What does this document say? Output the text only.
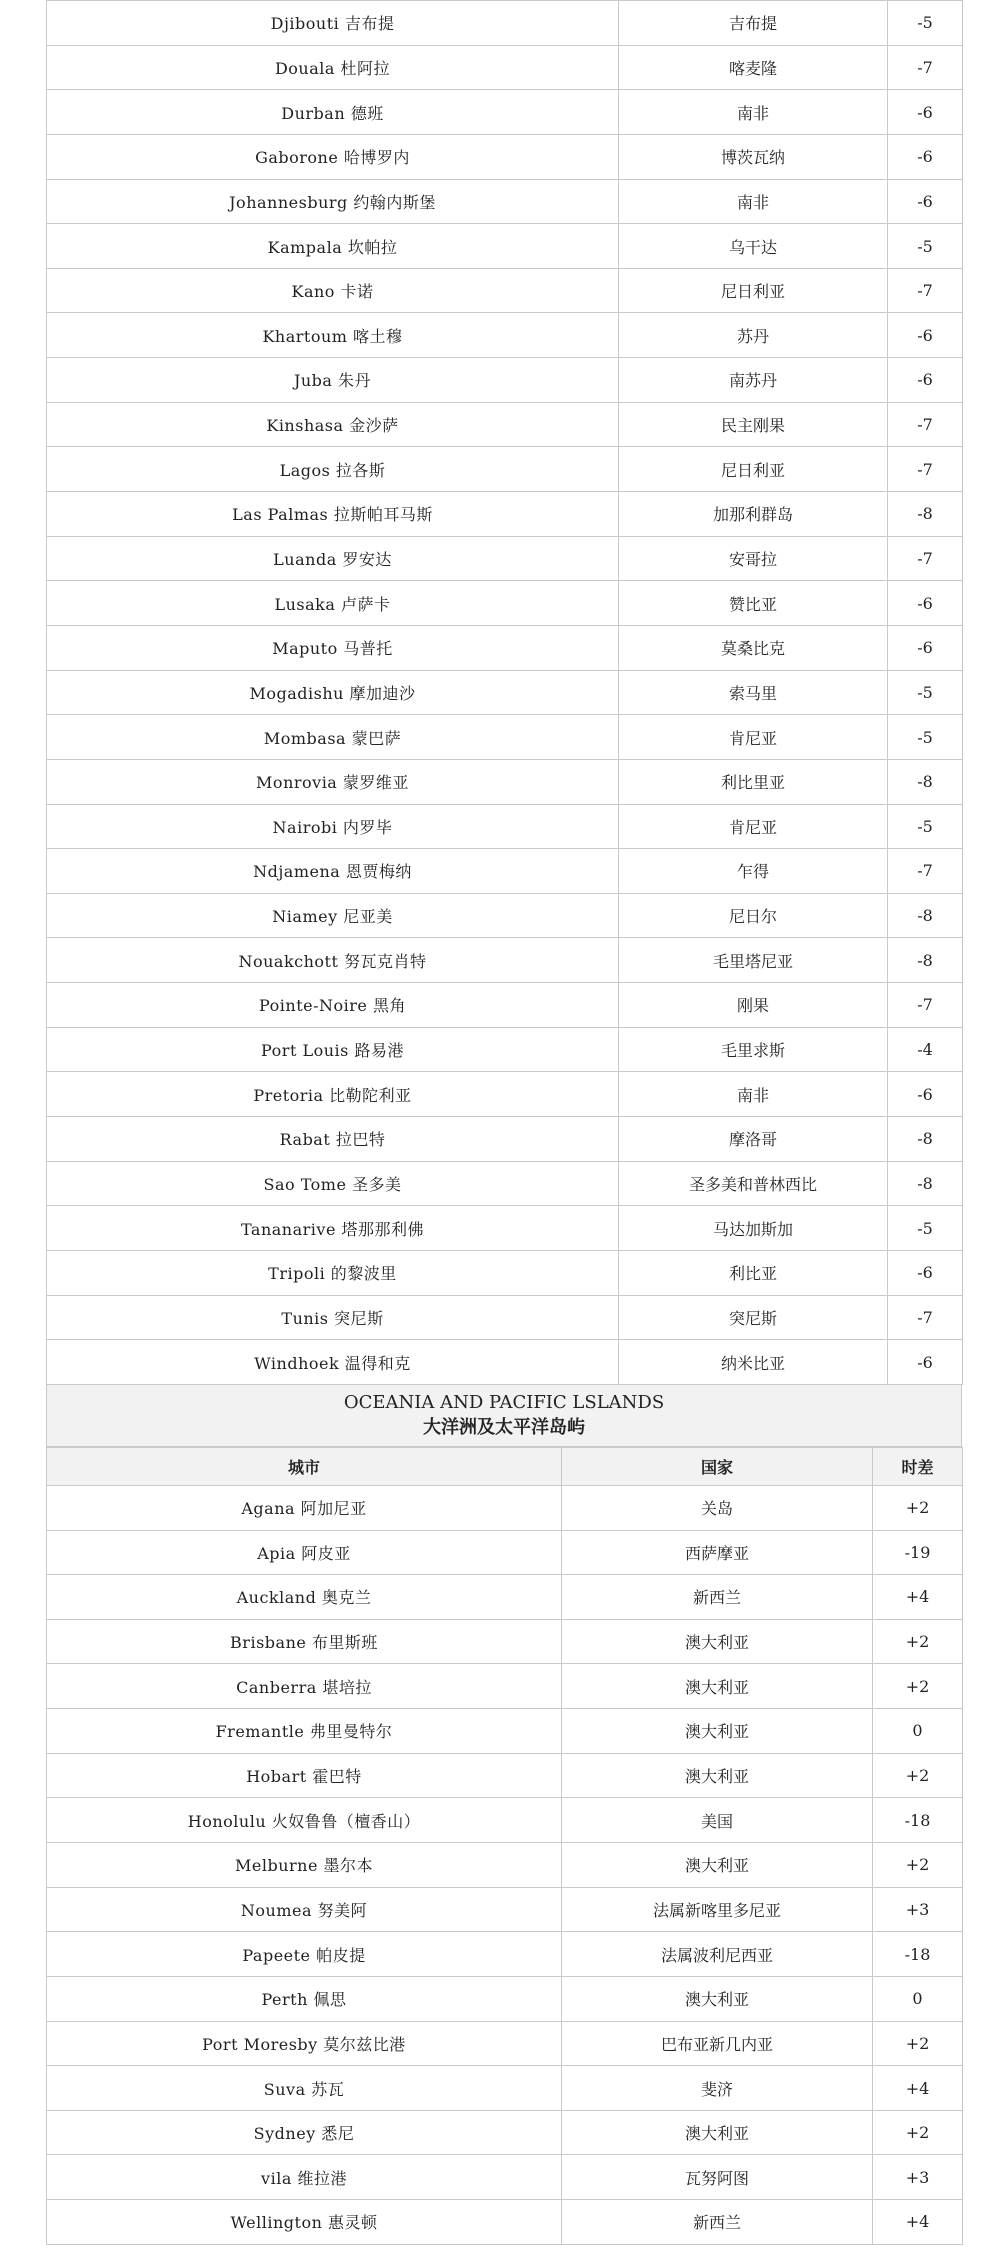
Djibouti 吉布提	吉布提	-5
Douala 杜阿拉	喀麦隆	-7
Durban 德班	南非	-6
Gaborone 哈博罗内	博茨瓦纳	-6
Johannesburg 约翰内斯堡	南非	-6
Kampala 坎帕拉	乌干达	-5
Kano 卡诺	尼日利亚	-7
Khartoum 喀土穆	苏丹	-6
Juba 朱丹	南苏丹	-6
Kinshasa 金沙萨	民主刚果	-7
Lagos 拉各斯	尼日利亚	-7
Las Palmas 拉斯帕耳马斯	加那利群岛	-8
Luanda 罗安达	安哥拉	-7
Lusaka 卢萨卡	赞比亚	-6
Maputo 马普托	莫桑比克	-6
Mogadishu 摩加迪沙	索马里	-5
Mombasa 蒙巴萨	肯尼亚	-5
Monrovia 蒙罗维亚	利比里亚	-8
Nairobi 内罗毕	肯尼亚	-5
Ndjamena 恩贾梅纳	乍得	-7
Niamey 尼亚美	尼日尔	-8
Nouakchott 努瓦克肖特	毛里塔尼亚	-8
Pointe-Noire 黑角	刚果	-7
Port Louis 路易港	毛里求斯	-4
Pretoria 比勒陀利亚	南非	-6
Rabat 拉巴特	摩洛哥	-8
Sao Tome 圣多美	圣多美和普林西比	-8
Tananarive 塔那那利佛	马达加斯加	-5
Tripoli 的黎波里	利比亚	-6
Tunis 突尼斯	突尼斯	-7
Windhoek 温得和克	纳米比亚	-6
OCEANIA AND PACIFIC LSLANDS
大洋洲及太平洋岛屿
城市	国家	时差
Agana 阿加尼亚	关岛	+2
Apia 阿皮亚	西萨摩亚	-19
Auckland 奥克兰	新西兰	+4
Brisbane 布里斯班	澳大利亚	+2
Canberra 堪培拉	澳大利亚	+2
Fremantle 弗里曼特尔	澳大利亚	0
Hobart 霍巴特	澳大利亚	+2
Honolulu 火奴鲁鲁（檀香山）	美国	-18
Melburne 墨尔本	澳大利亚	+2
Noumea 努美阿	法属新喀里多尼亚	+3
Papeete 帕皮提	法属波利尼西亚	-18
Perth 佩思	澳大利亚	0
Port Moresby 莫尔兹比港	巴布亚新几内亚	+2
Suva 苏瓦	斐济	+4
Sydney 悉尼	澳大利亚	+2
vila 维拉港	瓦努阿图	+3
Wellington 惠灵顿	新西兰	+4
